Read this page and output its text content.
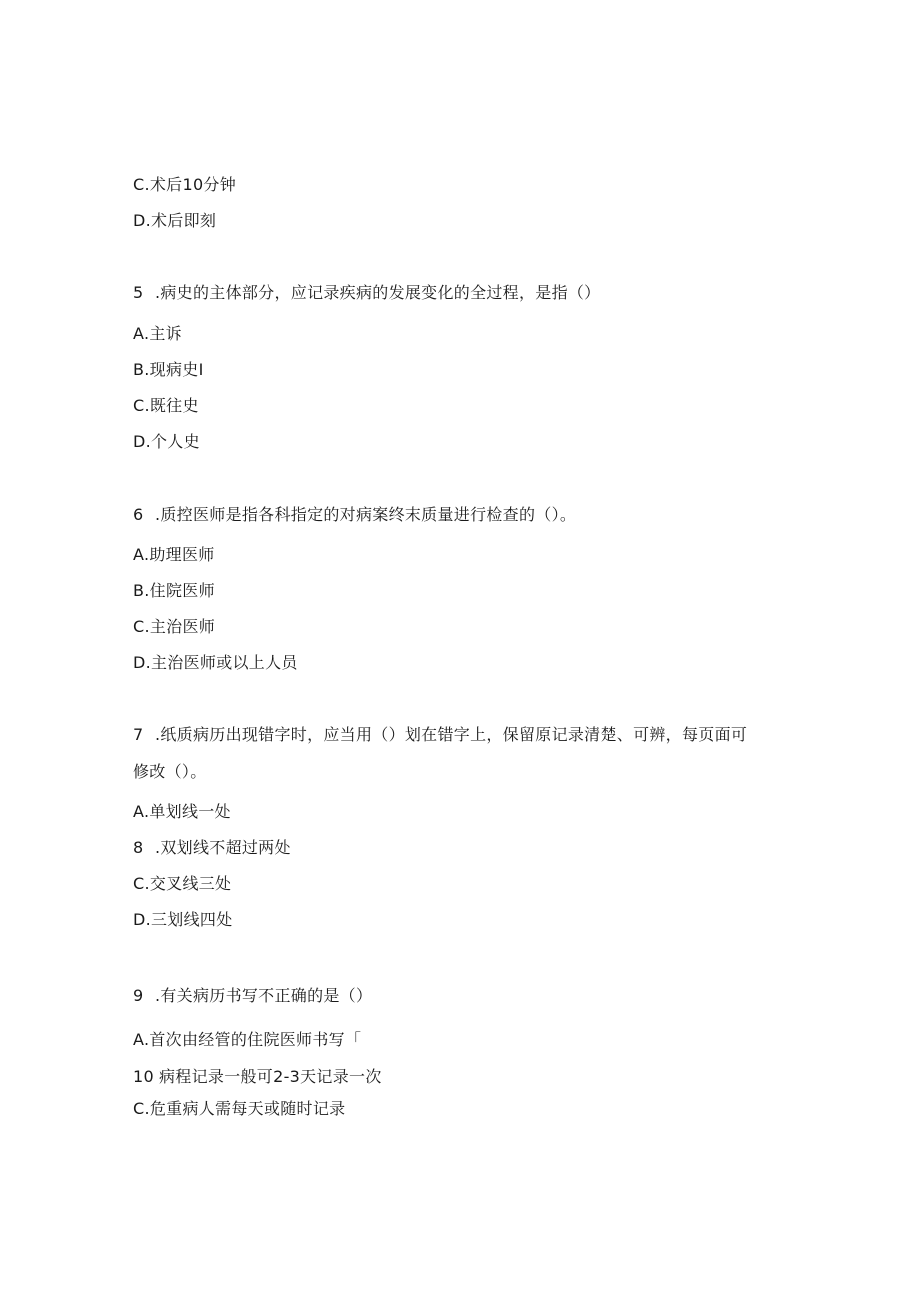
C.术后10分钟
D.术后即刻
5 .病史的主体部分，应记录疾病的发展变化的全过程，是指（）
A.主诉
B.现病史I
C.既往史
D.个人史
6 .质控医师是指各科指定的对病案终末质量进行检查的（）。
A.助理医师
B.住院医师
C.主治医师
D.主治医师或以上人员
7 .纸质病历出现错字时，应当用（）划在错字上，保留原记录清楚、可辨，每页面可
修改（）。
A.单划线一处
8 .双划线不超过两处
C.交叉线三处
D.三划线四处
9 .有关病历书写不正确的是（）
A.首次由经管的住院医师书写「
10 病程记录一般可2-3天记录一次
C.危重病人需每天或随时记录
